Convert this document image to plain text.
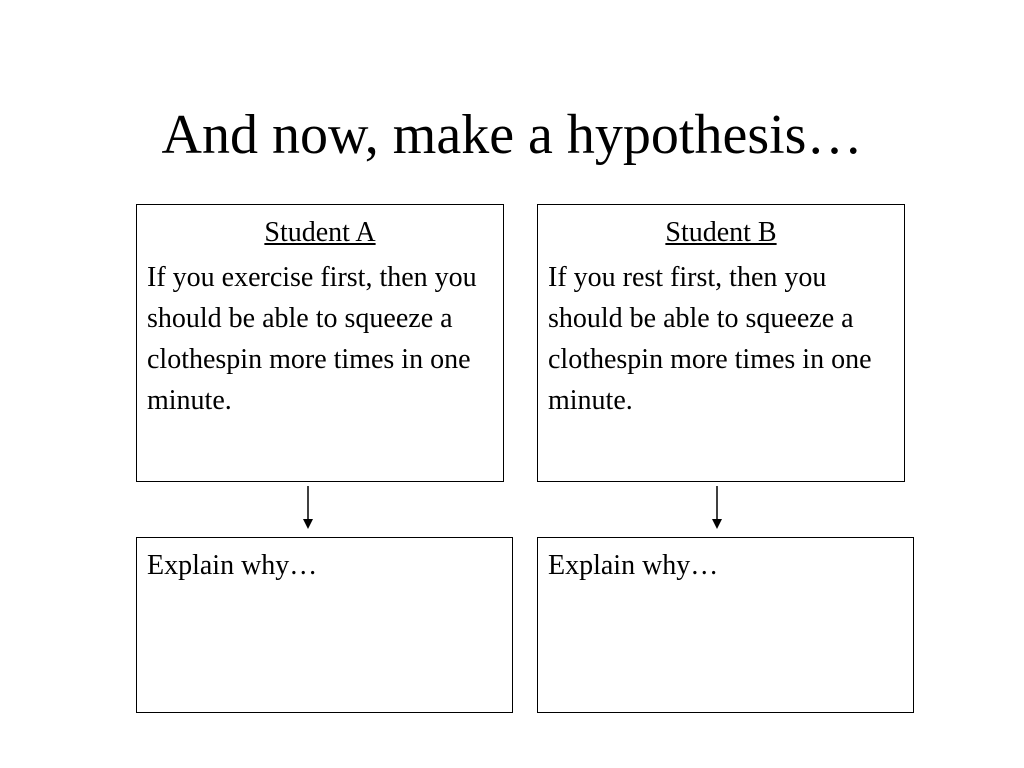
And now, make a hypothesis…

Student A

If you exercise first, then you should be able to squeeze a clothespin more times in one minute.

Student B

If you rest first, then you should be able to squeeze a clothespin more times in one minute.

Explain why…	Explain why…
